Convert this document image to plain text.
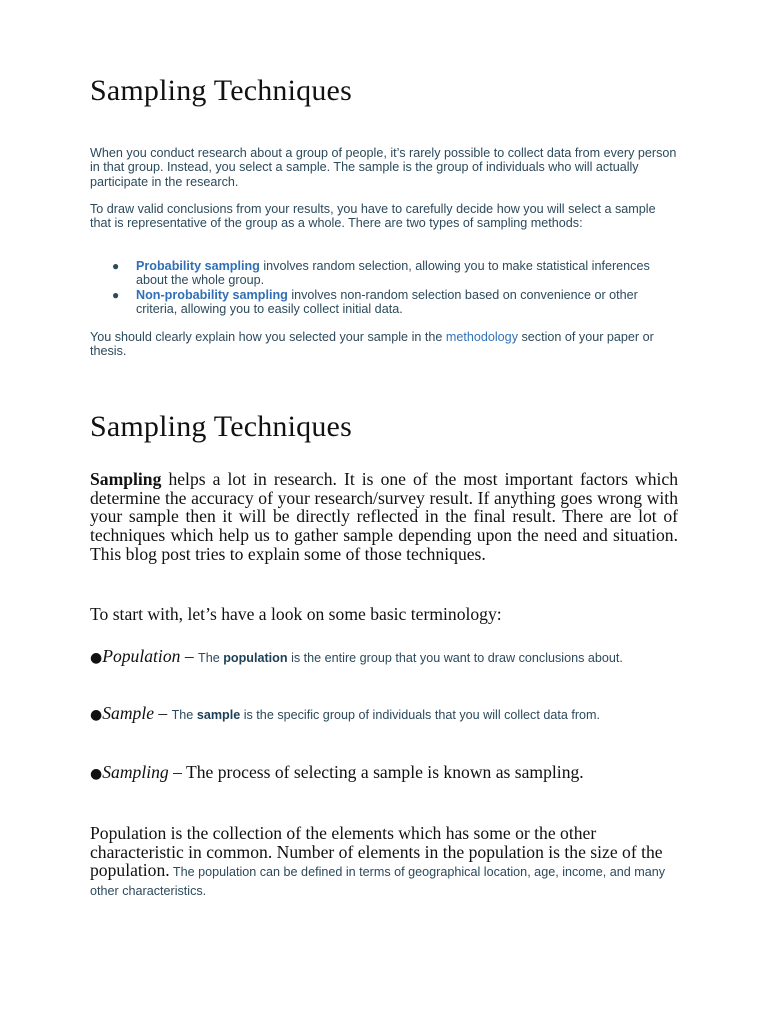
Sampling Techniques

When you conduct research about a group of people, it’s rarely possible to collect data from every person in that group. Instead, you select a sample. The sample is the group of individuals who will actually participate in the research.

To draw valid conclusions from your results, you have to carefully decide how you will select a sample that is representative of the group as a whole. There are two types of sampling methods:

● Probability sampling involves random selection, allowing you to make statistical inferences about the whole group.
● Non-probability sampling involves non-random selection based on convenience or other criteria, allowing you to easily collect initial data.

You should clearly explain how you selected your sample in the methodology section of your paper or thesis.

Sampling Techniques

Sampling helps a lot in research. It is one of the most important factors which determine the accuracy of your research/survey result. If anything goes wrong with your sample then it will be directly reflected in the final result. There are lot of techniques which help us to gather sample depending upon the need and situation. This blog post tries to explain some of those techniques.

To start with, let’s have a look on some basic terminology:

●Population – The population is the entire group that you want to draw conclusions about.

●Sample – The sample is the specific group of individuals that you will collect data from.

●Sampling – The process of selecting a sample is known as sampling.

Population is the collection of the elements which has some or the other characteristic in common. Number of elements in the population is the size of the population. The population can be defined in terms of geographical location, age, income, and many other characteristics.
